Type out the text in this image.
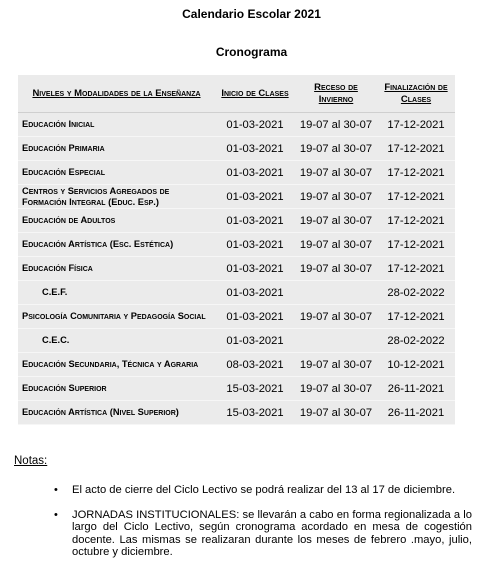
Calendario Escolar 2021
Cronograma
Niveles y Modalidades de la Enseñanza	Inicio de Clases	Receso de Invierno	Finalización de Clases
Educación Inicial	01-03-2021	19-07 al 30-07	17-12-2021
Educación Primaria	01-03-2021	19-07 al 30-07	17-12-2021
Educación Especial	01-03-2021	19-07 al 30-07	17-12-2021
Centros y Servicios Agregados de Formación Integral (Educ. Esp.)	01-03-2021	19-07 al 30-07	17-12-2021
Educación de Adultos	01-03-2021	19-07 al 30-07	17-12-2021
Educación Artística (Esc. Estética)	01-03-2021	19-07 al 30-07	17-12-2021
Educación Física	01-03-2021	19-07 al 30-07	17-12-2021
C.E.F.	01-03-2021		28-02-2022
Psicología Comunitaria y Pedagogía Social	01-03-2021	19-07 al 30-07	17-12-2021
C.E.C.	01-03-2021		28-02-2022
Educación Secundaria, Técnica y Agraria	08-03-2021	19-07 al 30-07	10-12-2021
Educación Superior	15-03-2021	19-07 al 30-07	26-11-2021
Educación Artística (Nivel Superior)	15-03-2021	19-07 al 30-07	26-11-2021
Notas:
• El acto de cierre del Ciclo Lectivo se podrá realizar del 13 al 17 de diciembre.
• JORNADAS INSTITUCIONALES: se llevarán a cabo en forma regionalizada a lo largo del Ciclo Lectivo, según cronograma acordado en mesa de cogestión docente. Las mismas se realizaran durante los meses de febrero .mayo, julio, octubre y diciembre.
